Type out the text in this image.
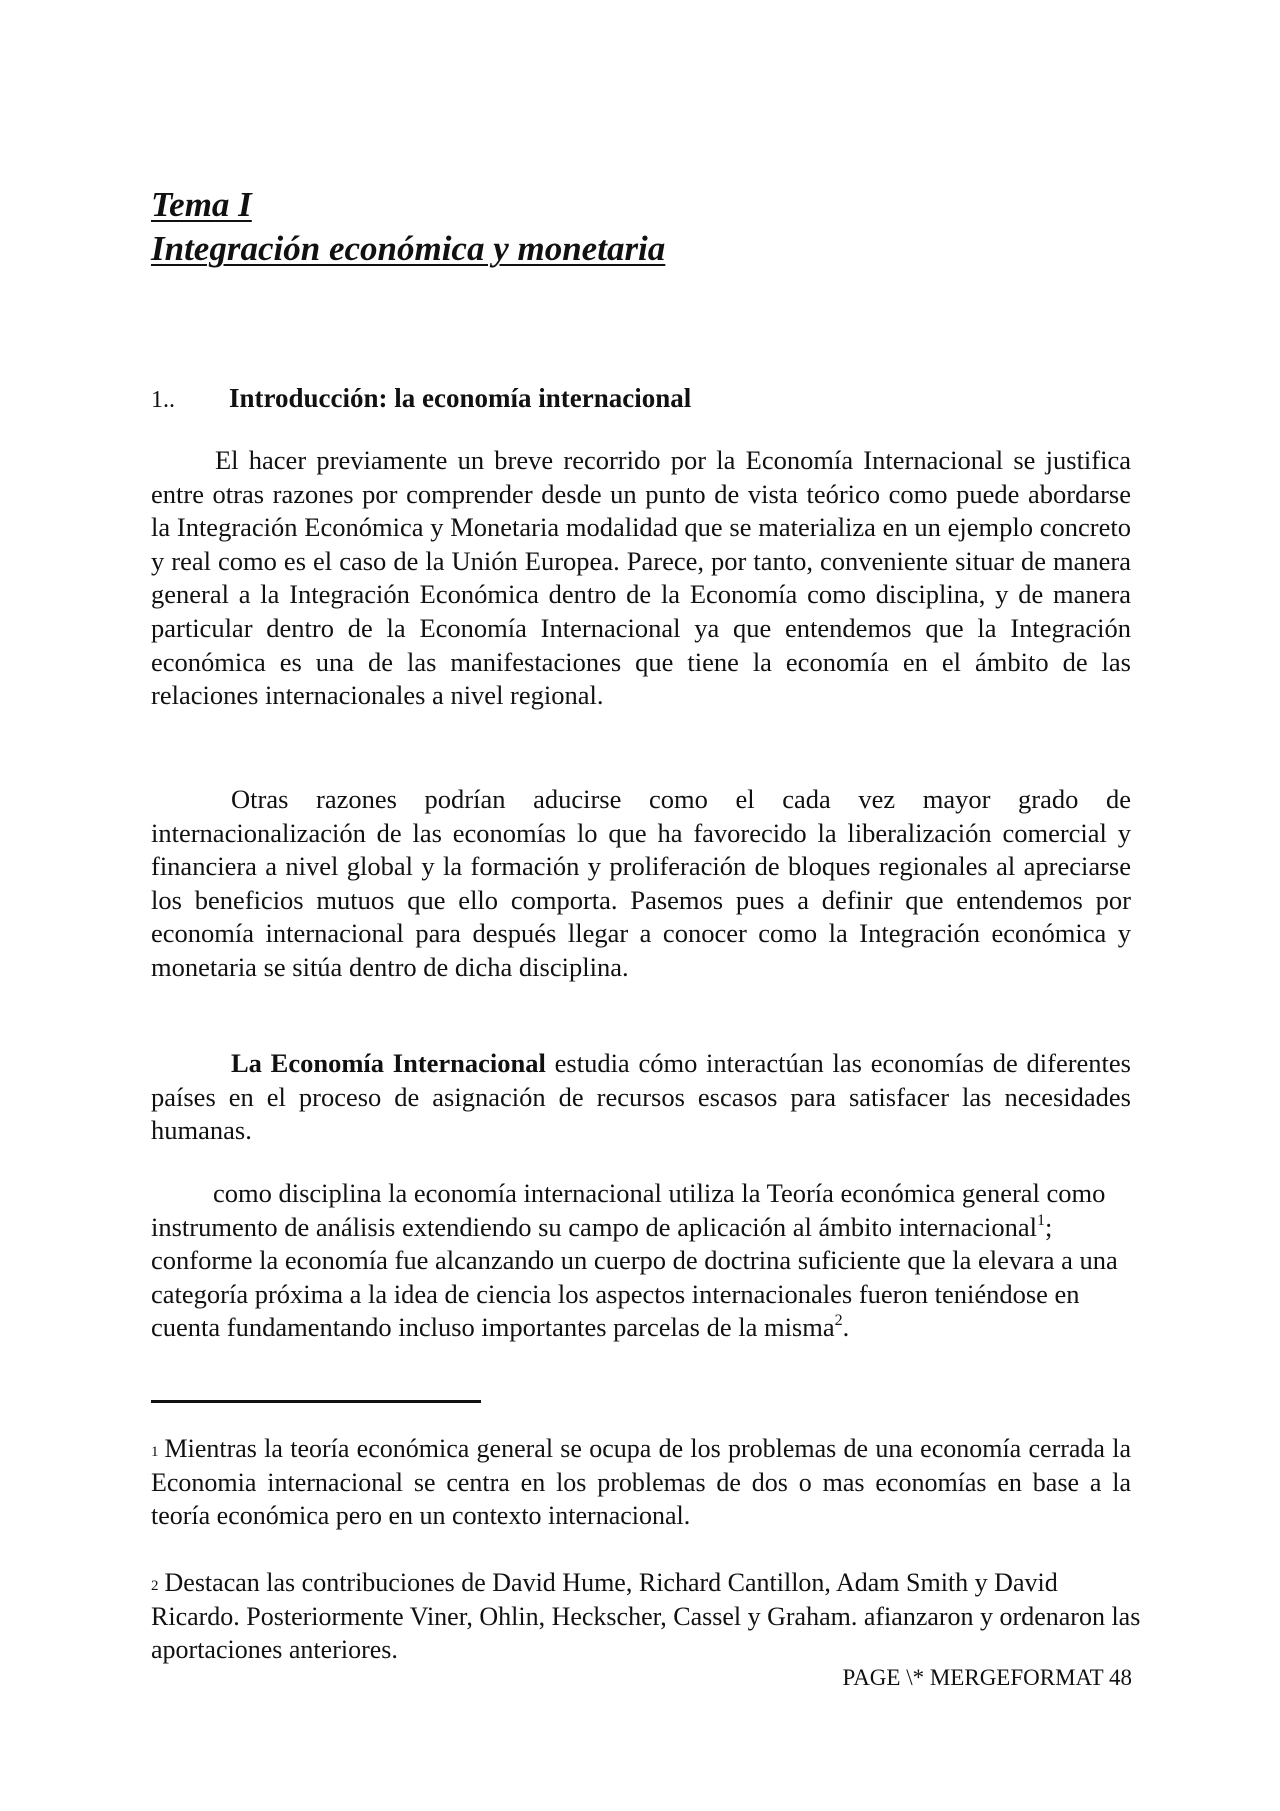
Tema I
Integración económica y monetaria
1.. Introducción: la economía internacional

El hacer previamente un breve recorrido por la Economía Internacional se justifica entre otras razones por comprender desde un punto de vista teórico como puede abordarse la Integración Económica y Monetaria modalidad que se materializa en un ejemplo concreto y real como es el caso de la Unión Europea. Parece, por tanto, conveniente situar de manera general a la Integración Económica dentro de la Economía como disciplina, y de manera particular dentro de la Economía Internacional ya que entendemos que la Integración económica es una de las manifestaciones que tiene la economía en el ámbito de las relaciones internacionales a nivel regional.

Otras razones podrían aducirse como el cada vez mayor grado de internacionalización de las economías lo que ha favorecido la liberalización comercial y financiera a nivel global y la formación y proliferación de bloques regionales al apreciarse los beneficios mutuos que ello comporta. Pasemos pues a definir que entendemos por economía internacional para después llegar a conocer como la Integración económica y monetaria se sitúa dentro de dicha disciplina.

La Economía Internacional estudia cómo interactúan las economías de diferentes países en el proceso de asignación de recursos escasos para satisfacer las necesidades humanas.

como disciplina la economía internacional utiliza la Teoría económica general como instrumento de análisis extendiendo su campo de aplicación al ámbito internacional$^1$; conforme la economía fue alcanzando un cuerpo de doctrina suficiente que la elevara a una categoría próxima a la idea de ciencia los aspectos internacionales fueron teniéndose en cuenta fundamentando incluso importantes parcelas de la misma$^2$.

$^1$ Mientras la teoría económica general se ocupa de los problemas de una economía cerrada la Economia internacional se centra en los problemas de dos o mas economías en base a la teoría económica pero en un contexto internacional.

$^2$ Destacan las contribuciones de David Hume, Richard Cantillon, Adam Smith y David Ricardo. Posteriormente Viner, Ohlin, Heckscher, Cassel y Graham. afianzaron y ordenaron las aportaciones anteriores.

PAGE \* MERGEFORMAT 48
